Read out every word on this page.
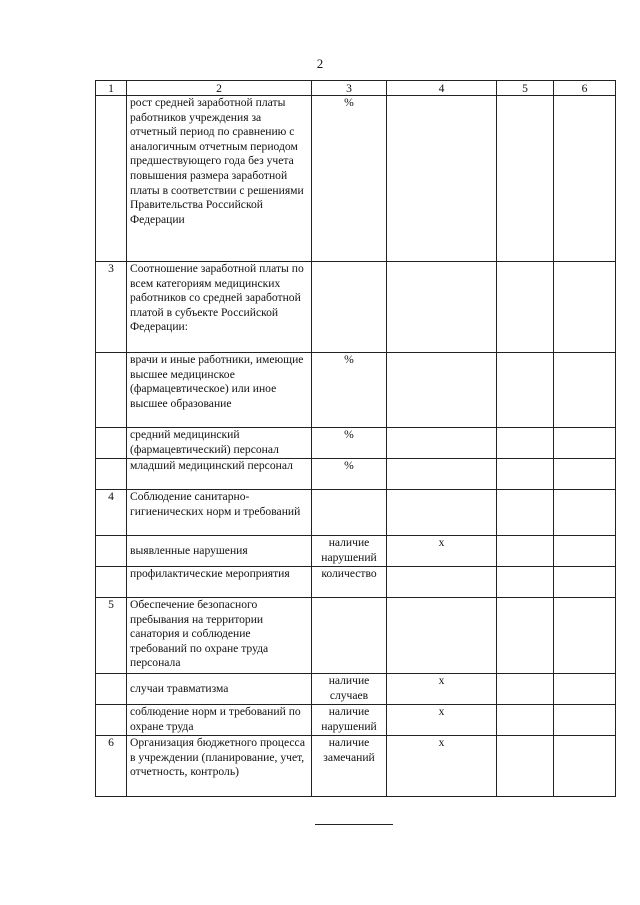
2
1	2	3	4	5	6
	рост средней заработной платы работников учреждения за отчетный период по сравнению с аналогичным отчетным периодом предшествующего года без учета повышения размера заработной платы в соответствии с решениями Правительства Российской Федерации	%			
3	Соотношение заработной платы по всем категориям медицинских работников со средней заработной платой в субъекте Российской Федерации:				
	врачи и иные работники, имеющие высшее медицинское (фармацевтическое) или иное высшее образование	%			
	средний медицинский (фармацевтический) персонал	%			
	младший медицинский персонал	%			
4	Соблюдение санитарно-гигиенических норм и требований				
	выявленные нарушения	наличие нарушений	х		
	профилактические мероприятия	количество			
5	Обеспечение безопасного пребывания на территории санатория и соблюдение требований по охране труда персонала				
	случаи травматизма	наличие случаев	х		
	соблюдение норм и требований по охране труда	наличие нарушений	х		
6	Организация бюджетного процесса в учреждении (планирование, учет, отчетность, контроль)	наличие замечаний	х		
